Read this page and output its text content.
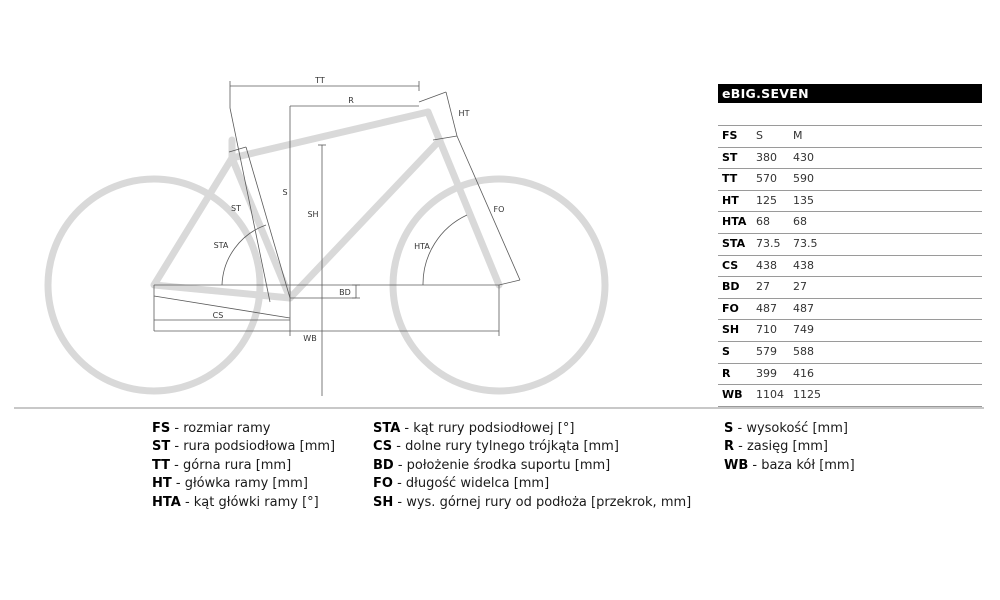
TT
R
HT
S
SH
ST
STA
FO
HTA
BD
CS
WB
eBIG.SEVEN
FS S	M
ST 380 430
TT 570 590
HT 125 135
HTA 68 68
STA 73.5 73.5
CS 438 438
BD 27 27
FO 487 487
SH 710 749
S 579 588
R 399 416
WB 1104 1125
FS - rozmiar ramy
ST - rura podsiodłowa [mm]
TT - górna rura [mm]
HT - główka ramy [mm]
HTA - kąt główki ramy [°]
STA - kąt rury podsiodłowej [°]
CS - dolne rury tylnego trójkąta [mm]
BD - położenie środka suportu [mm]
FO - długość widelca [mm]
SH - wys. górnej rury od podłoża [przekrok, mm]
S - wysokość [mm]
R - zasięg [mm]
WB - baza kół [mm]
